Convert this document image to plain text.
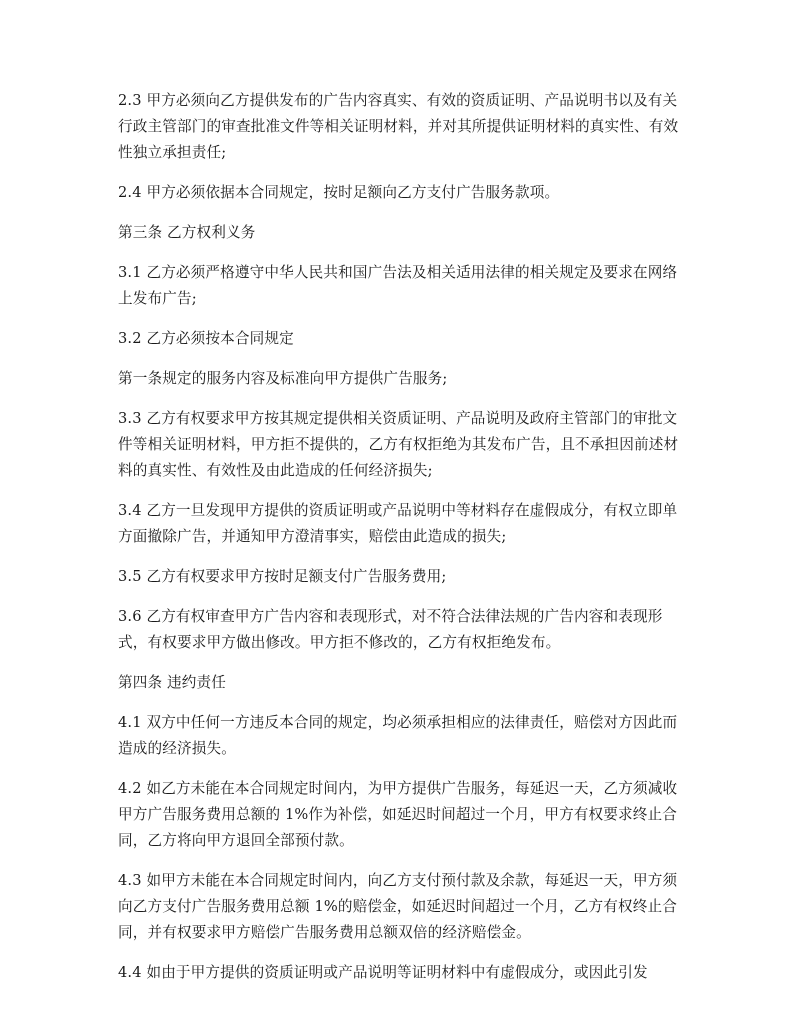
2.3 甲方必须向乙方提供发布的广告内容真实、有效的资质证明、产品说明书以及有关行政主管部门的审查批准文件等相关证明材料，并对其所提供证明材料的真实性、有效性独立承担责任;

2.4 甲方必须依据本合同规定，按时足额向乙方支付广告服务款项。

第三条 乙方权利义务

3.1 乙方必须严格遵守中华人民共和国广告法及相关适用法律的相关规定及要求在网络上发布广告;

3.2 乙方必须按本合同规定

第一条规定的服务内容及标准向甲方提供广告服务;

3.3 乙方有权要求甲方按其规定提供相关资质证明、产品说明及政府主管部门的审批文件等相关证明材料，甲方拒不提供的，乙方有权拒绝为其发布广告，且不承担因前述材料的真实性、有效性及由此造成的任何经济损失;

3.4 乙方一旦发现甲方提供的资质证明或产品说明中等材料存在虚假成分，有权立即单方面撤除广告，并通知甲方澄清事实，赔偿由此造成的损失;

3.5 乙方有权要求甲方按时足额支付广告服务费用;

3.6 乙方有权审查甲方广告内容和表现形式，对不符合法律法规的广告内容和表现形式，有权要求甲方做出修改。甲方拒不修改的，乙方有权拒绝发布。

第四条 违约责任

4.1 双方中任何一方违反本合同的规定，均必须承担相应的法律责任，赔偿对方因此而造成的经济损失。

4.2 如乙方未能在本合同规定时间内，为甲方提供广告服务，每延迟一天，乙方须减收甲方广告服务费用总额的 1%作为补偿，如延迟时间超过一个月，甲方有权要求终止合同，乙方将向甲方退回全部预付款。

4.3 如甲方未能在本合同规定时间内，向乙方支付预付款及余款，每延迟一天，甲方须向乙方支付广告服务费用总额 1%的赔偿金，如延迟时间超过一个月，乙方有权终止合同，并有权要求甲方赔偿广告服务费用总额双倍的经济赔偿金。

4.4 如由于甲方提供的资质证明或产品说明等证明材料中有虚假成分，或因此引发
